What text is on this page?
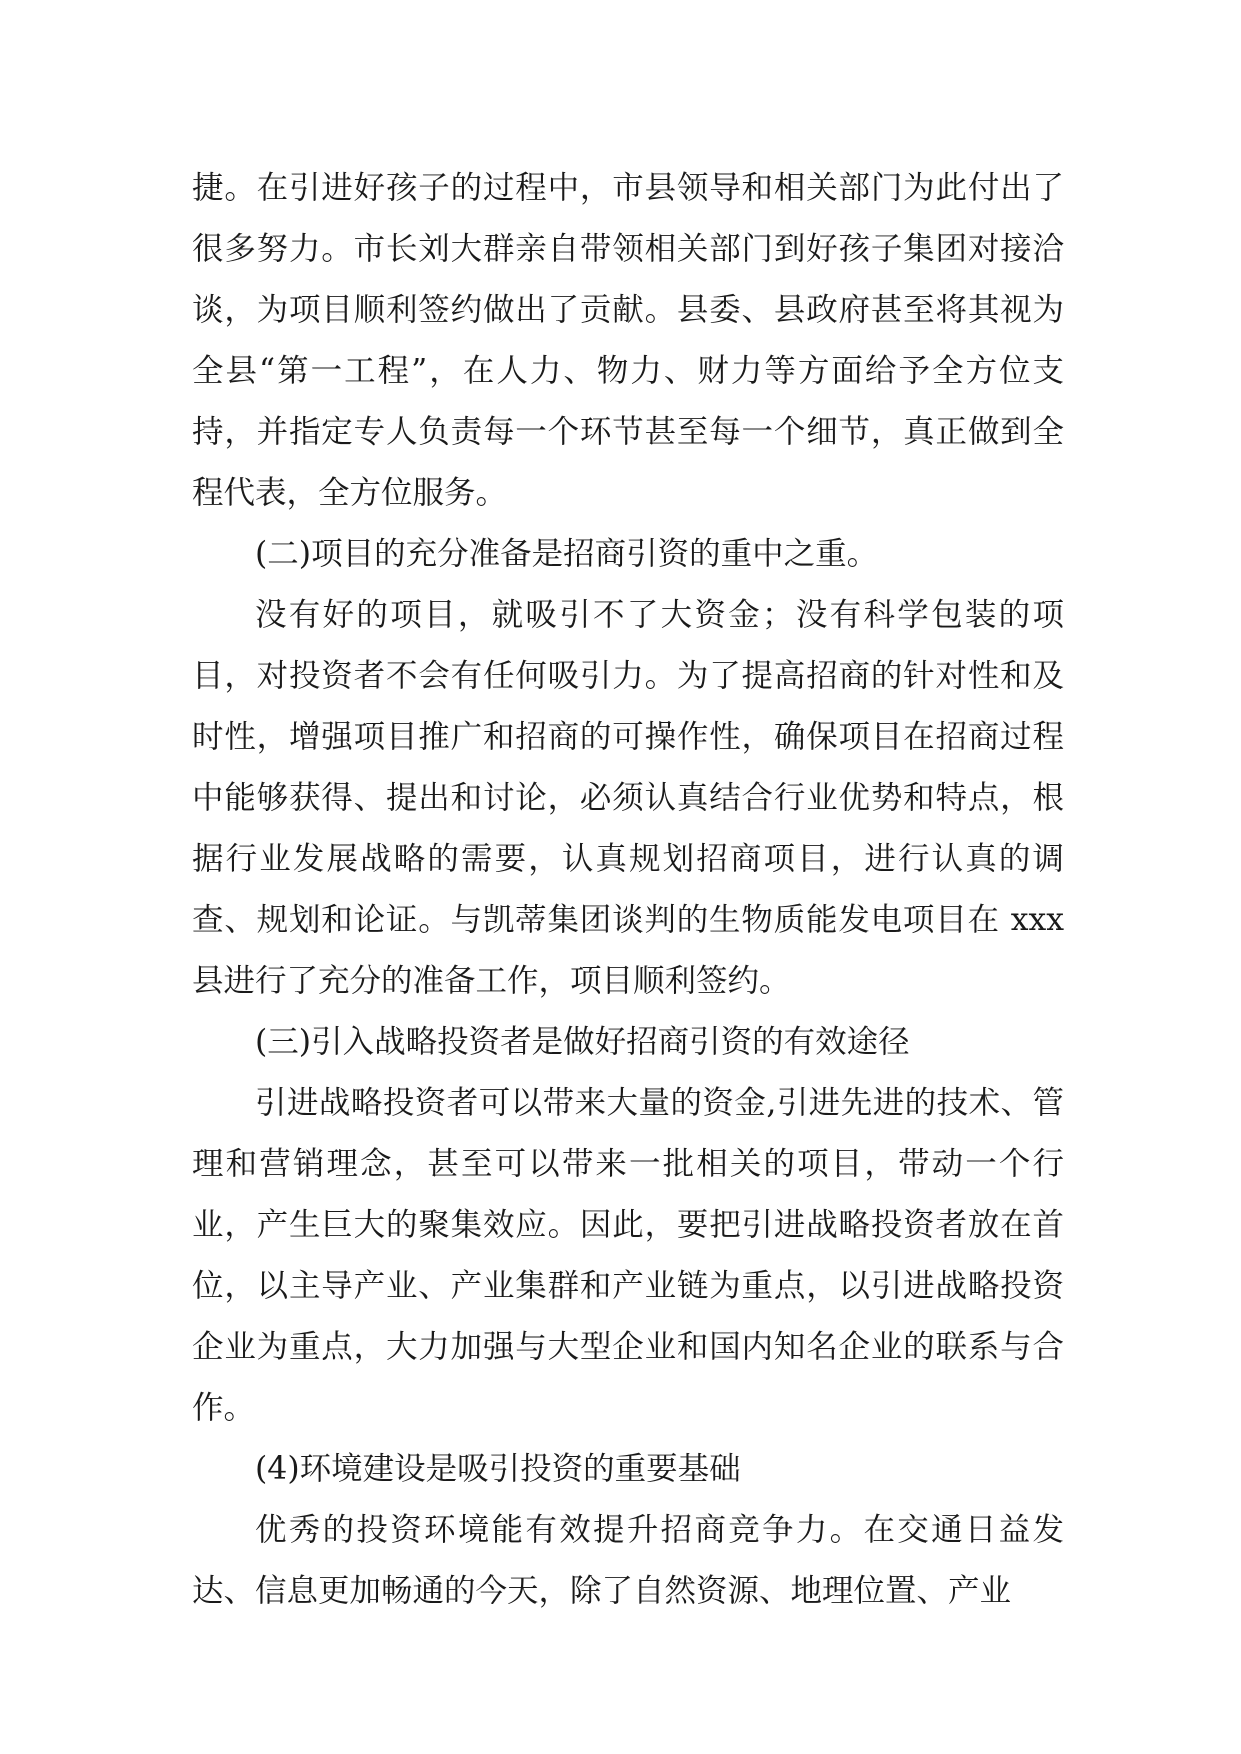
捷。在引进好孩子的过程中，市县领导和相关部门为此付出了很多努力。市长刘大群亲自带领相关部门到好孩子集团对接洽谈，为项目顺利签约做出了贡献。县委、县政府甚至将其视为全县“第一工程”，在人力、物力、财力等方面给予全方位支持，并指定专人负责每一个环节甚至每一个细节，真正做到全程代表，全方位服务。

(二)项目的充分准备是招商引资的重中之重。

没有好的项目，就吸引不了大资金；没有科学包装的项目，对投资者不会有任何吸引力。为了提高招商的针对性和及时性，增强项目推广和招商的可操作性，确保项目在招商过程中能够获得、提出和讨论，必须认真结合行业优势和特点，根据行业发展战略的需要，认真规划招商项目，进行认真的调查、规划和论证。与凯蒂集团谈判的生物质能发电项目在 xxx 县进行了充分的准备工作，项目顺利签约。

(三)引入战略投资者是做好招商引资的有效途径

引进战略投资者可以带来大量的资金,引进先进的技术、管理和营销理念，甚至可以带来一批相关的项目，带动一个行业，产生巨大的聚集效应。因此，要把引进战略投资者放在首位，以主导产业、产业集群和产业链为重点，以引进战略投资企业为重点，大力加强与大型企业和国内知名企业的联系与合作。

(4)环境建设是吸引投资的重要基础

优秀的投资环境能有效提升招商竞争力。在交通日益发达、信息更加畅通的今天，除了自然资源、地理位置、产业
